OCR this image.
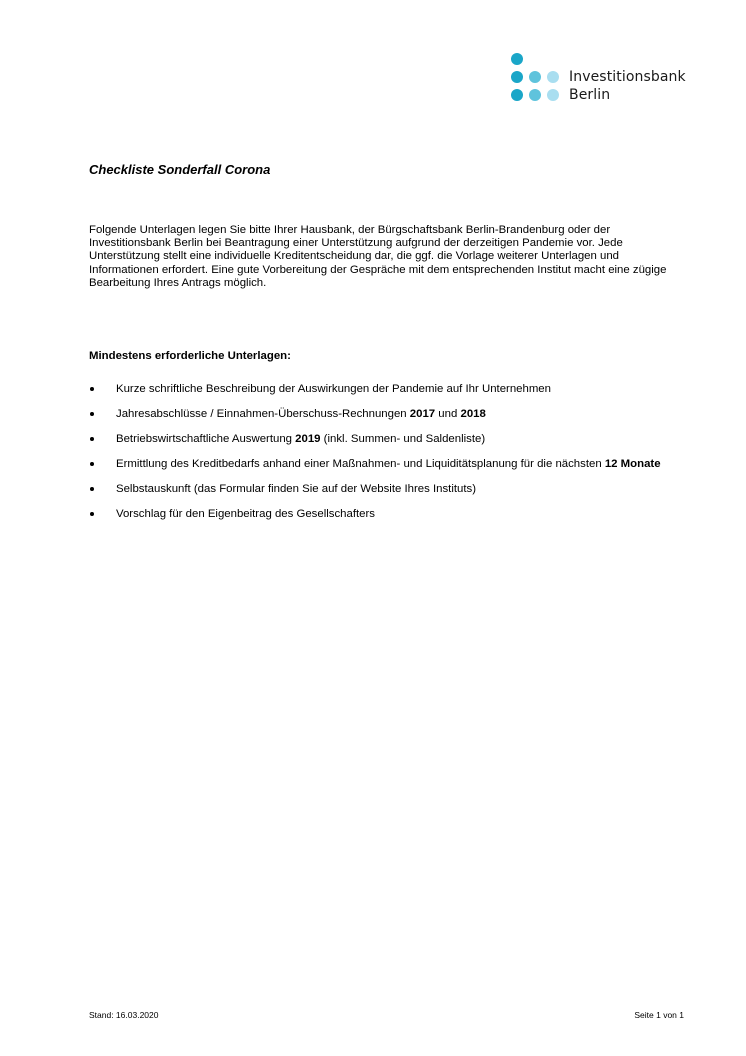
Investitionsbank
Berlin
Checkliste Sonderfall Corona

Folgende Unterlagen legen Sie bitte Ihrer Hausbank, der Bürgschaftsbank Berlin-Brandenburg oder der Investitionsbank Berlin bei Beantragung einer Unterstützung aufgrund der derzeitigen Pandemie vor. Jede Unterstützung stellt eine individuelle Kreditentscheidung dar, die ggf. die Vorlage weiterer Unterlagen und Informationen erfordert. Eine gute Vorbereitung der Gespräche mit dem entsprechenden Institut macht eine zügige Bearbeitung Ihres Antrags möglich.

Mindestens erforderliche Unterlagen:
Kurze schriftliche Beschreibung der Auswirkungen der Pandemie auf Ihr Unternehmen
Jahresabschlüsse / Einnahmen-Überschuss-Rechnungen 2017 und 2018
Betriebswirtschaftliche Auswertung 2019 (inkl. Summen- und Saldenliste)
Ermittlung des Kreditbedarfs anhand einer Maßnahmen- und Liquiditätsplanung für die nächsten 12 Monate
Selbstauskunft (das Formular finden Sie auf der Website Ihres Instituts)
Vorschlag für den Eigenbeitrag des Gesellschafters
Stand: 16.03.2020	Seite 1 von 1
